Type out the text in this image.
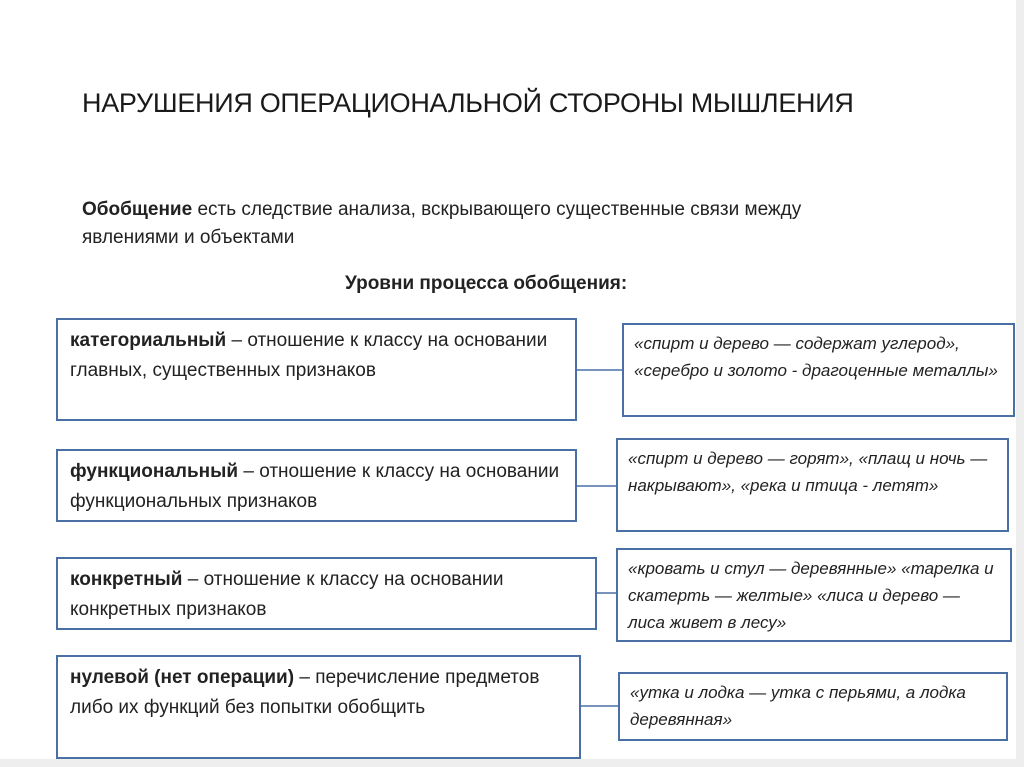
НАРУШЕНИЯ ОПЕРАЦИОНАЛЬНОЙ СТОРОНЫ МЫШЛЕНИЯ
Обобщение есть следствие анализа, вскрывающего существенные связи между явлениями и объектами
Уровни процесса обобщения:
категориальный – отношение к классу на основании главных, существенных признаков
функциональный – отношение к классу на основании функциональных признаков
конкретный – отношение к классу на основании конкретных признаков
нулевой (нет операции) – перечисление предметов либо их функций без попытки обобщить
«спирт и дерево — содержат углерод», «серебро и золото - драгоценные металлы»
«спирт и дерево — горят», «плащ и ночь — накрывают», «река и птица - летят»
«кровать и стул — деревянные» «тарелка и скатерть — желтые» «лиса и дерево — лиса живет в лесу»
«утка и лодка — утка с перьями, а лодка деревянная»
